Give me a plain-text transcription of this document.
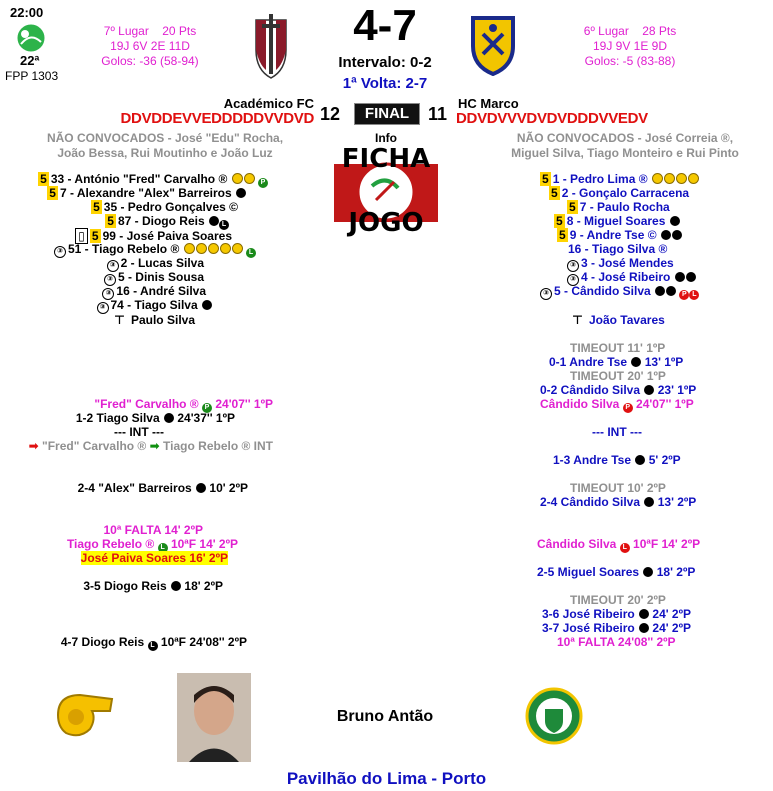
22:00
22ª
FPP 1303
7º Lugar 20 Pts
19J 6V 2E 11D
Golos: -36 (58-94)
4-7
Intervalo: 0-2
1ª Volta: 2-7
6º Lugar 28 Pts
19J 9V 1E 9D
Golos: -5 (83-88)
Académico FC
DDVDDEVVEDDDDDVVDVD 12	FINAL	11
HC Marco
DDVDVVVDVDVDDDVVEDV
NÃO CONVOCADOS - José "Edu" Rocha,
João Bessa, Rui Moutinho e João Luz
NÃO CONVOCADOS - José Correia ®,
Miguel Silva, Tiago Monteiro e Rui Pinto
Info
FICHA
JOGO
5 33 - António "Fred" Carvalho ®	P
5 7 - Alexandre "Alex" Barreiros
5 35 - Pedro Gonçalves ©
5 87 - Diogo Reis L
▯ 5 99 - José Paiva Soares
③ 51 - Tiago Rebelo ®	L
③ 2 - Lucas Silva
③ 5 - Dinis Sousa
③ 16 - André Silva
③ 74 - Tiago Silva
⊤ Paulo Silva
5 1 - Pedro Lima ®
5 2 - Gonçalo Carracena
5 7 - Paulo Rocha
5 8 - Miguel Soares
5 9 - Andre Tse ©
16 - Tiago Silva ®
③ 3 - José Mendes
③ 4 - José Ribeiro
③ 5 - Cândido Silva	P L
⊤ João Tavares
"Fred" Carvalho ® P 24'07'' 1ºP
1-2 Tiago Silva 24'37'' 1ºP
--- INT ---
➡ "Fred" Carvalho ® ➡ Tiago Rebelo ® INT
2-4 "Alex" Barreiros 10' 2ºP
10ª FALTA 14' 2ºP
Tiago Rebelo ® L 10ªF 14' 2ºP
José Paiva Soares 16' 2ºP
3-5 Diogo Reis 18' 2ºP
4-7 Diogo Reis L 10ªF 24'08'' 2ºP
TIMEOUT 11' 1ºP
0-1 Andre Tse 13' 1ºP
TIMEOUT 20' 1ºP
0-2 Cândido Silva 23' 1ºP
Cândido Silva P 24'07'' 1ºP
--- INT ---
1-3 Andre Tse 5' 2ºP
TIMEOUT 10' 2ºP
2-4 Cândido Silva 13' 2ºP
Cândido Silva L 10ªF 14' 2ºP
2-5 Miguel Soares 18' 2ºP
TIMEOUT 20' 2ºP
3-6 José Ribeiro 24' 2ºP
3-7 José Ribeiro 24' 2ºP
10ª FALTA 24'08'' 2ºP
Bruno Antão
Pavilhão do Lima - Porto
